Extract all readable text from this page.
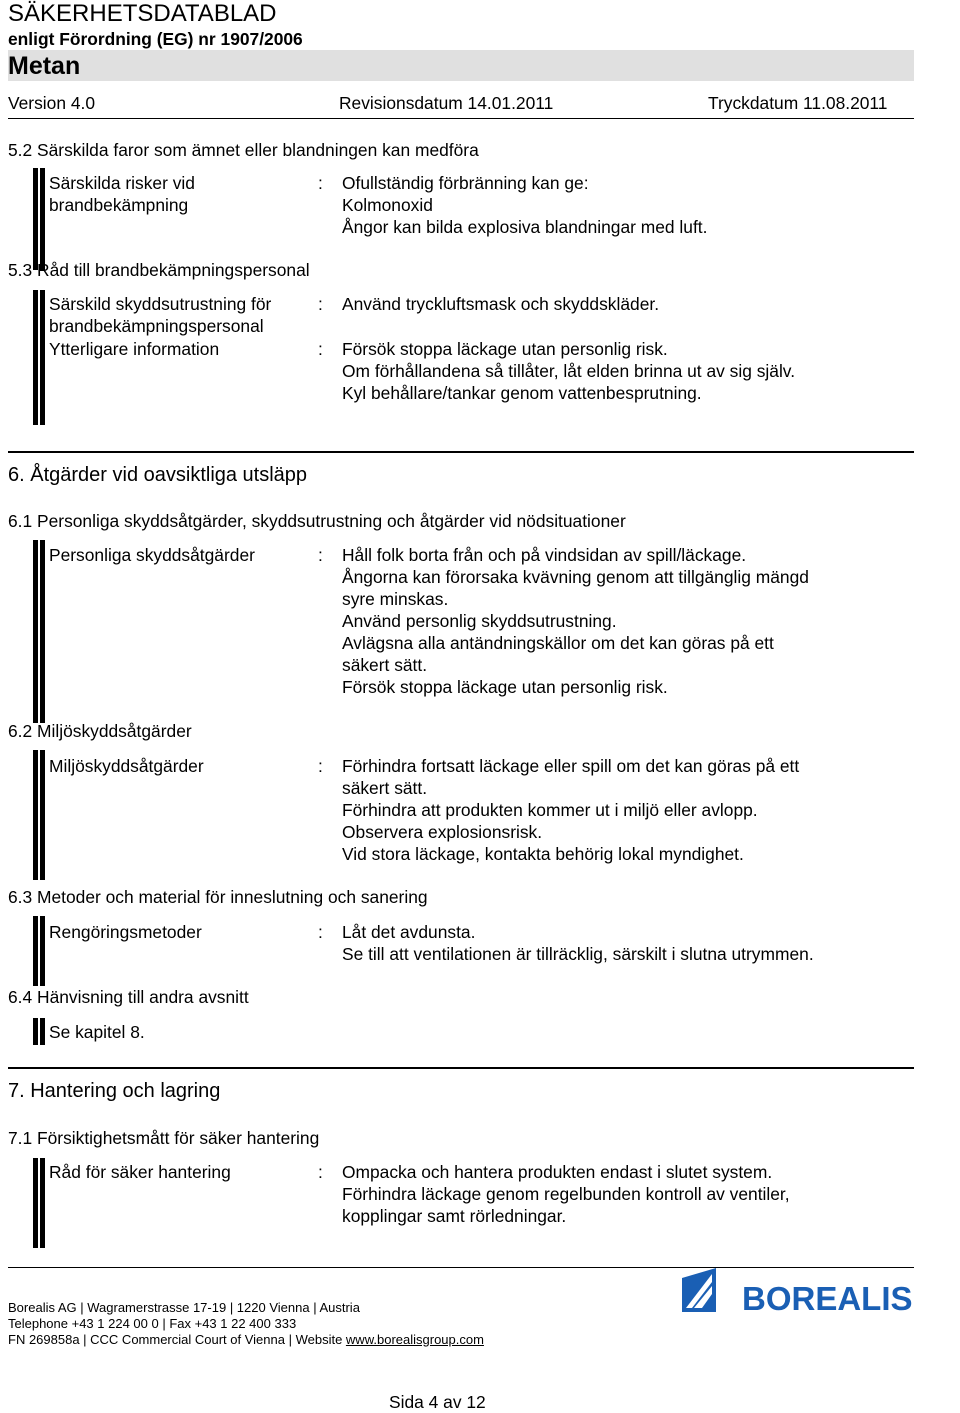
SÄKERHETSDATABLAD
enligt Förordning (EG) nr 1907/2006
Metan
Version 4.0	Revisionsdatum 14.01.2011	Tryckdatum 11.08.2011
5.2 Särskilda faror som ämnet eller blandningen kan medföra
Särskilda risker vid
brandbekämpning
: Ofullständig förbränning kan ge:
Kolmonoxid
Ångor kan bilda explosiva blandningar med luft.
5.3 Råd till brandbekämpningspersonal
Särskild skyddsutrustning för
brandbekämpningspersonal
: Använd tryckluftsmask och skyddskläder.
Ytterligare information	: Försök stoppa läckage utan personlig risk.
Om förhållandena så tillåter, låt elden brinna ut av sig själv.
Kyl behållare/tankar genom vattenbesprutning.
6. Åtgärder vid oavsiktliga utsläpp
6.1 Personliga skyddsåtgärder, skyddsutrustning och åtgärder vid nödsituationer
Personliga skyddsåtgärder	: Håll folk borta från och på vindsidan av spill/läckage.
Ångorna kan förorsaka kvävning genom att tillgänglig mängd
syre minskas.
Använd personlig skyddsutrustning.
Avlägsna alla antändningskällor om det kan göras på ett
säkert sätt.
Försök stoppa läckage utan personlig risk.
6.2 Miljöskyddsåtgärder
Miljöskyddsåtgärder	: Förhindra fortsatt läckage eller spill om det kan göras på ett
säkert sätt.
Förhindra att produkten kommer ut i miljö eller avlopp.
Observera explosionsrisk.
Vid stora läckage, kontakta behörig lokal myndighet.
6.3 Metoder och material för inneslutning och sanering
Rengöringsmetoder	: Låt det avdunsta.
Se till att ventilationen är tillräcklig, särskilt i slutna utrymmen.
6.4 Hänvisning till andra avsnitt
Se kapitel 8.
7. Hantering och lagring
7.1 Försiktighetsmått för säker hantering
Råd för säker hantering	: Ompacka och hantera produkten endast i slutet system.
Förhindra läckage genom regelbunden kontroll av ventiler,
kopplingar samt rörledningar.
Borealis AG | Wagramerstrasse 17-19 | 1220 Vienna | Austria
Telephone +43 1 224 00 0 | Fax +43 1 22 400 333
FN 269858a | CCC Commercial Court of Vienna | Website www.borealisgroup.com
BOREALIS
Sida 4 av 12
